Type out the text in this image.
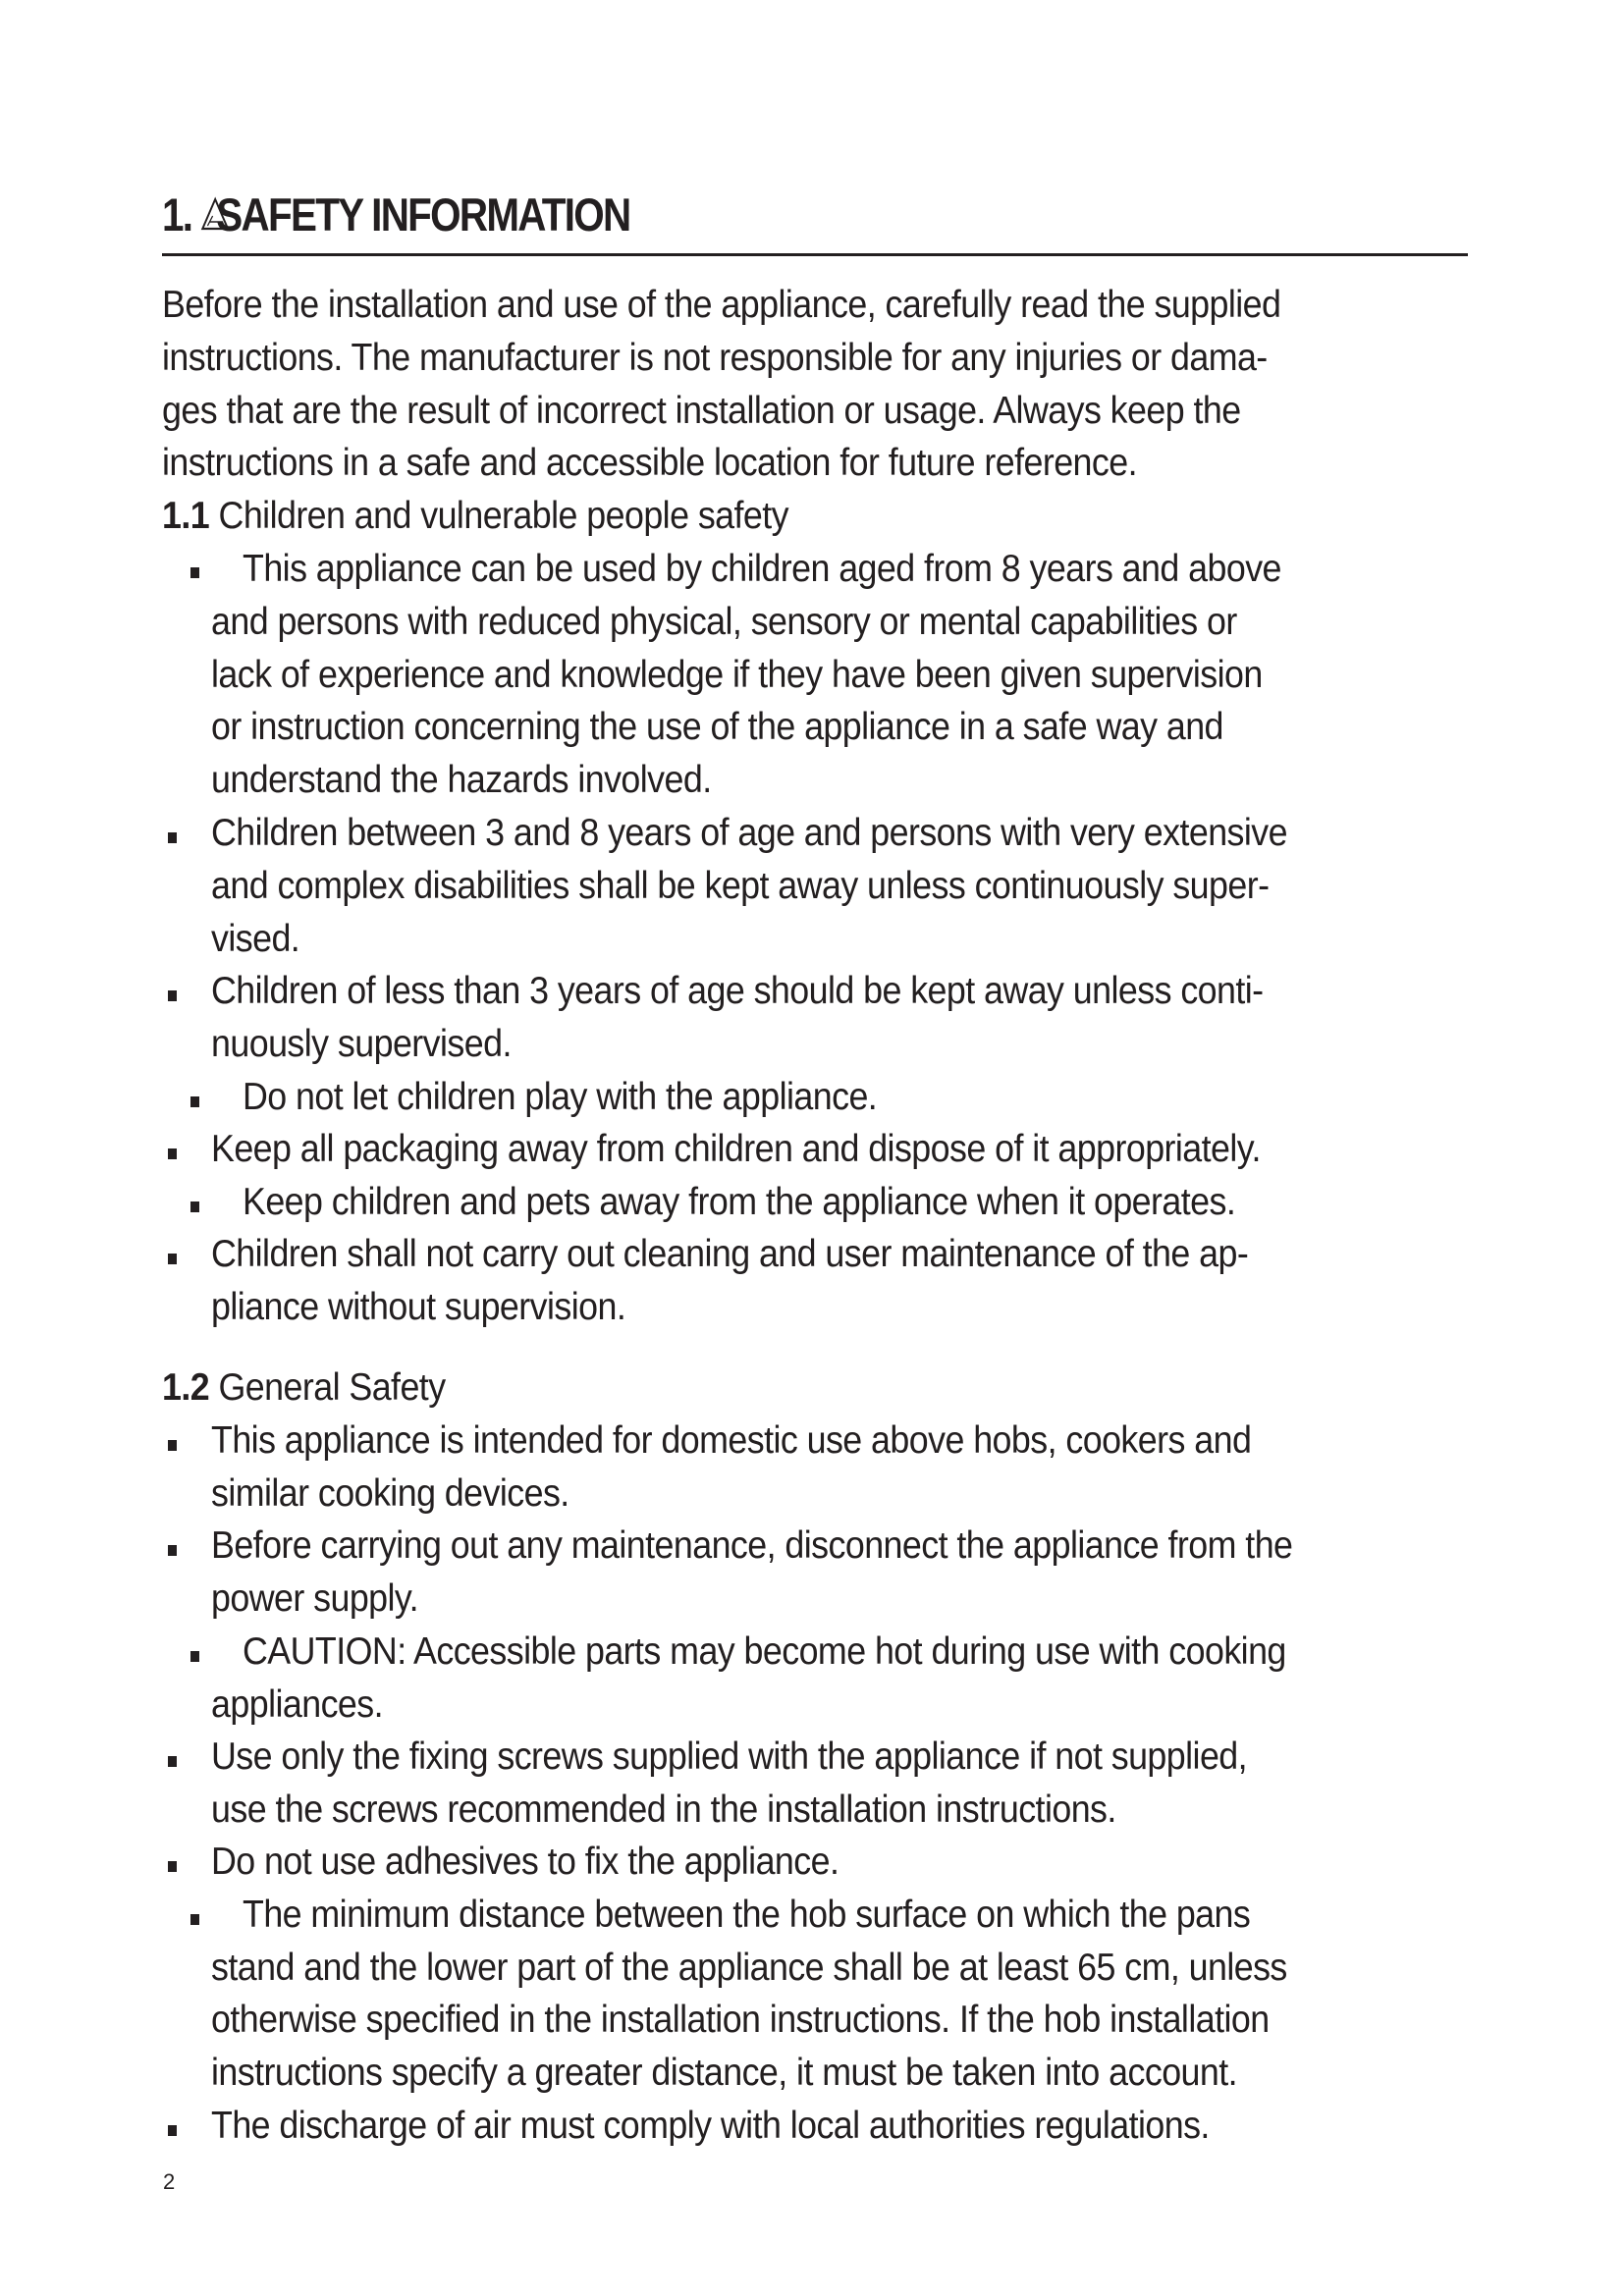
1. SAFETY INFORMATION
Before the installation and use of the appliance, carefully read the supplied
instructions. The manufacturer is not responsible for any injuries or dama-
ges that are the result of incorrect installation or usage. Always keep the
instructions in a safe and accessible location for future reference.
1.1 Children and vulnerable people safety
This appliance can be used by children aged from 8 years and above
and persons with reduced physical, sensory or mental capabilities or
lack of experience and knowledge if they have been given supervision
or instruction concerning the use of the appliance in a safe way and
understand the hazards involved.
Children between 3 and 8 years of age and persons with very extensive
and complex disabilities shall be kept away unless continuously super-
vised.
Children of less than 3 years of age should be kept away unless conti-
nuously supervised.
Do not let children play with the appliance.
Keep all packaging away from children and dispose of it appropriately.
Keep children and pets away from the appliance when it operates.
Children shall not carry out cleaning and user maintenance of the ap-
pliance without supervision.
1.2 General Safety
This appliance is intended for domestic use above hobs, cookers and
similar cooking devices.
Before carrying out any maintenance, disconnect the appliance from the
power supply.
CAUTION: Accessible parts may become hot during use with cooking
appliances.
Use only the fixing screws supplied with the appliance if not supplied,
use the screws recommended in the installation instructions.
Do not use adhesives to fix the appliance.
The minimum distance between the hob surface on which the pans
stand and the lower part of the appliance shall be at least 65 cm, unless
otherwise specified in the installation instructions. If the hob installation
instructions specify a greater distance, it must be taken into account.
The discharge of air must comply with local authorities regulations.
2
